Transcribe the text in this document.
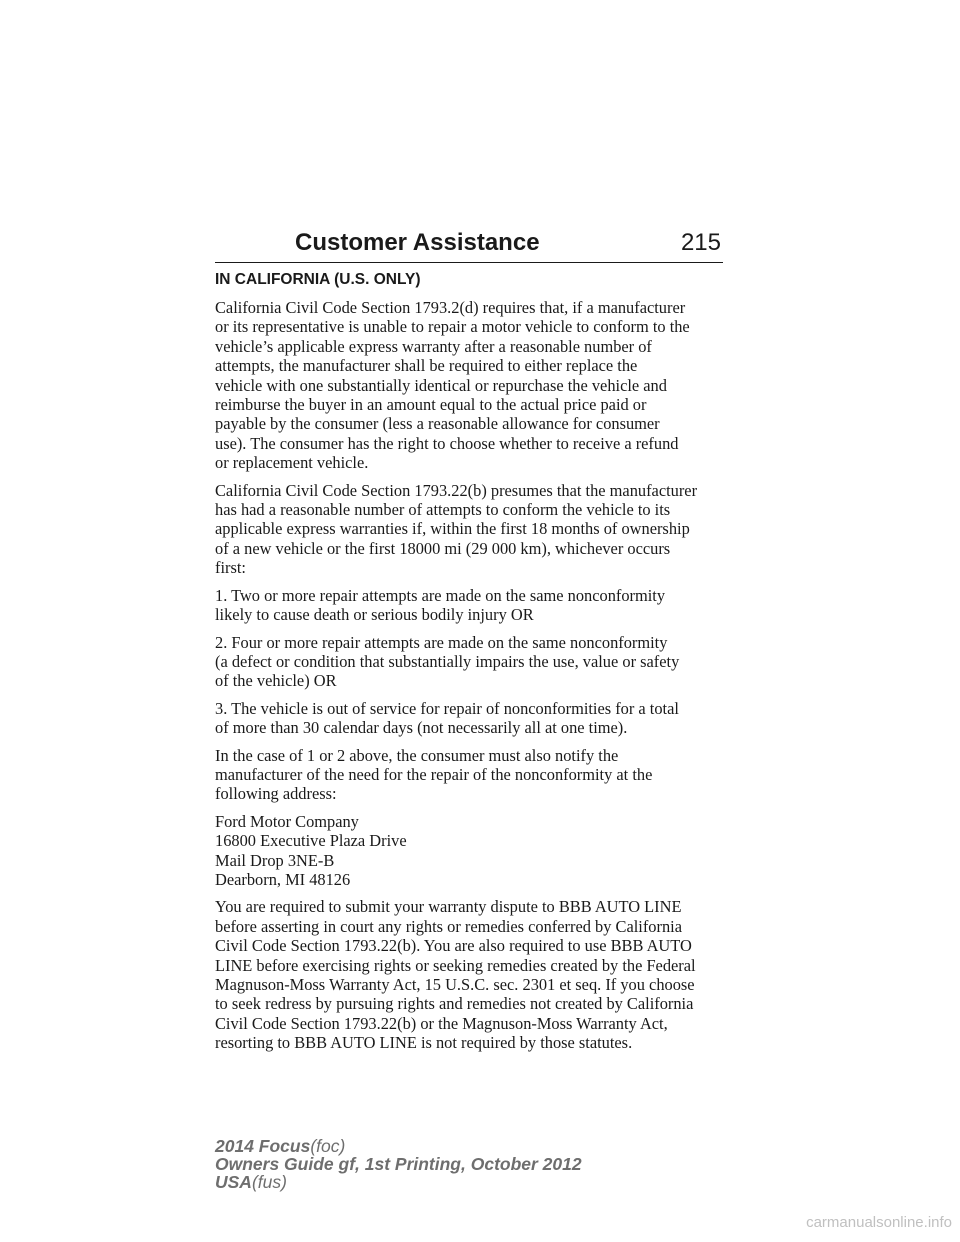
Customer Assistance	215
IN CALIFORNIA (U.S. ONLY)

California Civil Code Section 1793.2(d) requires that, if a manufacturer
or its representative is unable to repair a motor vehicle to conform to the
vehicle’s applicable express warranty after a reasonable number of
attempts, the manufacturer shall be required to either replace the
vehicle with one substantially identical or repurchase the vehicle and
reimburse the buyer in an amount equal to the actual price paid or
payable by the consumer (less a reasonable allowance for consumer
use). The consumer has the right to choose whether to receive a refund
or replacement vehicle.

California Civil Code Section 1793.22(b) presumes that the manufacturer
has had a reasonable number of attempts to conform the vehicle to its
applicable express warranties if, within the first 18 months of ownership
of a new vehicle or the first 18000 mi (29 000 km), whichever occurs
first:

1. Two or more repair attempts are made on the same nonconformity
likely to cause death or serious bodily injury OR

2. Four or more repair attempts are made on the same nonconformity
(a defect or condition that substantially impairs the use, value or safety
of the vehicle) OR

3. The vehicle is out of service for repair of nonconformities for a total
of more than 30 calendar days (not necessarily all at one time).

In the case of 1 or 2 above, the consumer must also notify the
manufacturer of the need for the repair of the nonconformity at the
following address:

Ford Motor Company
16800 Executive Plaza Drive
Mail Drop 3NE-B
Dearborn, MI 48126

You are required to submit your warranty dispute to BBB AUTO LINE
before asserting in court any rights or remedies conferred by California
Civil Code Section 1793.22(b). You are also required to use BBB AUTO
LINE before exercising rights or seeking remedies created by the Federal
Magnuson-Moss Warranty Act, 15 U.S.C. sec. 2301 et seq. If you choose
to seek redress by pursuing rights and remedies not created by California
Civil Code Section 1793.22(b) or the Magnuson-Moss Warranty Act,
resorting to BBB AUTO LINE is not required by those statutes.

2014 Focus(foc)
Owners Guide gf, 1st Printing, October 2012
USA(fus)
carmanualsonline.info
